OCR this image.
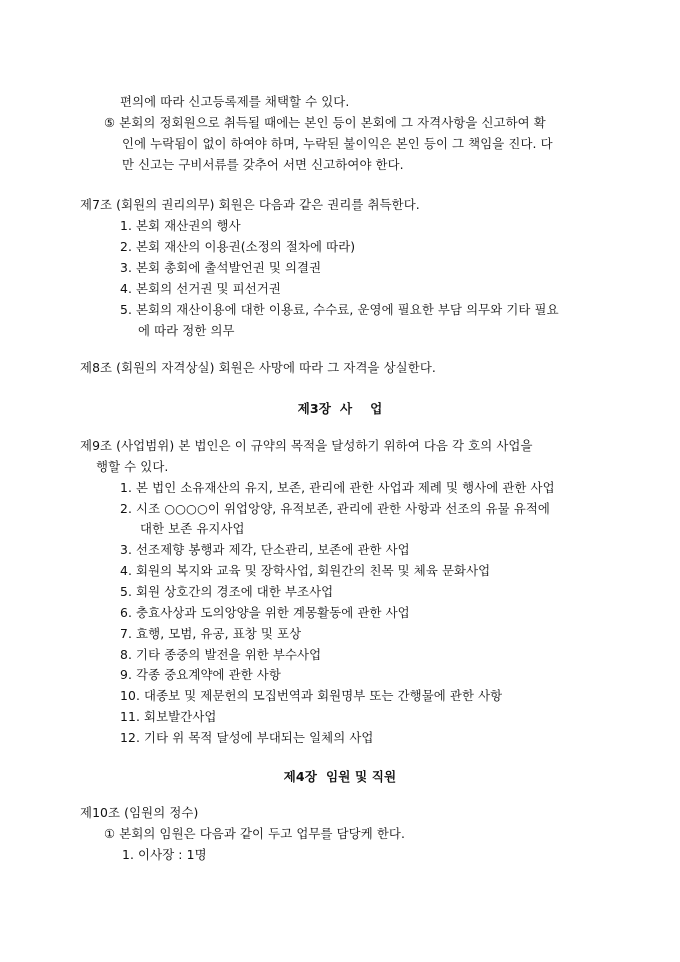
편의에 따라 신고등록제를 채택할 수 있다.
⑤ 본회의 정회원으로 취득될 때에는 본인 등이 본회에 그 자격사항을 신고하여 확
인에 누락됨이 없이 하여야 하며, 누락된 불이익은 본인 등이 그 책임을 진다. 다
만 신고는 구비서류를 갖추어 서면 신고하여야 한다.
제7조 (회원의 권리의무) 회원은 다음과 같은 권리를 취득한다.
1. 본회 재산권의 행사
2. 본회 재산의 이용권(소정의 절차에 따라)
3. 본회 총회에 출석발언권 및 의결권
4. 본회의 선거권 및 피선거권
5. 본회의 재산이용에 대한 이용료, 수수료, 운영에 필요한 부담 의무와 기타 필요
에 따라 정한 의무
제8조 (회원의 자격상실) 회원은 사망에 따라 그 자격을 상실한다.
제3장  사    업
제9조 (사업범위) 본 법인은 이 규약의 목적을 달성하기 위하여 다음 각 호의 사업을
행할 수 있다.
1. 본 법인 소유재산의 유지, 보존, 관리에 관한 사업과 제례 및 행사에 관한 사업
2. 시조 ○○○○이 위업앙양, 유적보존, 관리에 관한 사항과 선조의 유물 유적에
대한 보존 유지사업
3. 선조제향 봉행과 제각, 단소관리, 보존에 관한 사업
4. 회원의 복지와 교육 및 장학사업, 회원간의 친목 및 체육 문화사업
5. 회원 상호간의 경조에 대한 부조사업
6. 충효사상과 도의앙양을 위한 계몽활동에 관한 사업
7. 효행, 모범, 유공, 표창 및 포상
8. 기타 종중의 발전을 위한 부수사업
9. 각종 중요계약에 관한 사항
10. 대종보 및 제문헌의 모집번역과 회원명부 또는 간행물에 관한 사항
11. 회보발간사업
12. 기타 위 목적 달성에 부대되는 일체의 사업
제4장  임원 및 직원
제10조 (임원의 정수)
① 본회의 임원은 다음과 같이 두고 업무를 담당케 한다.
1. 이사장 : 1명
